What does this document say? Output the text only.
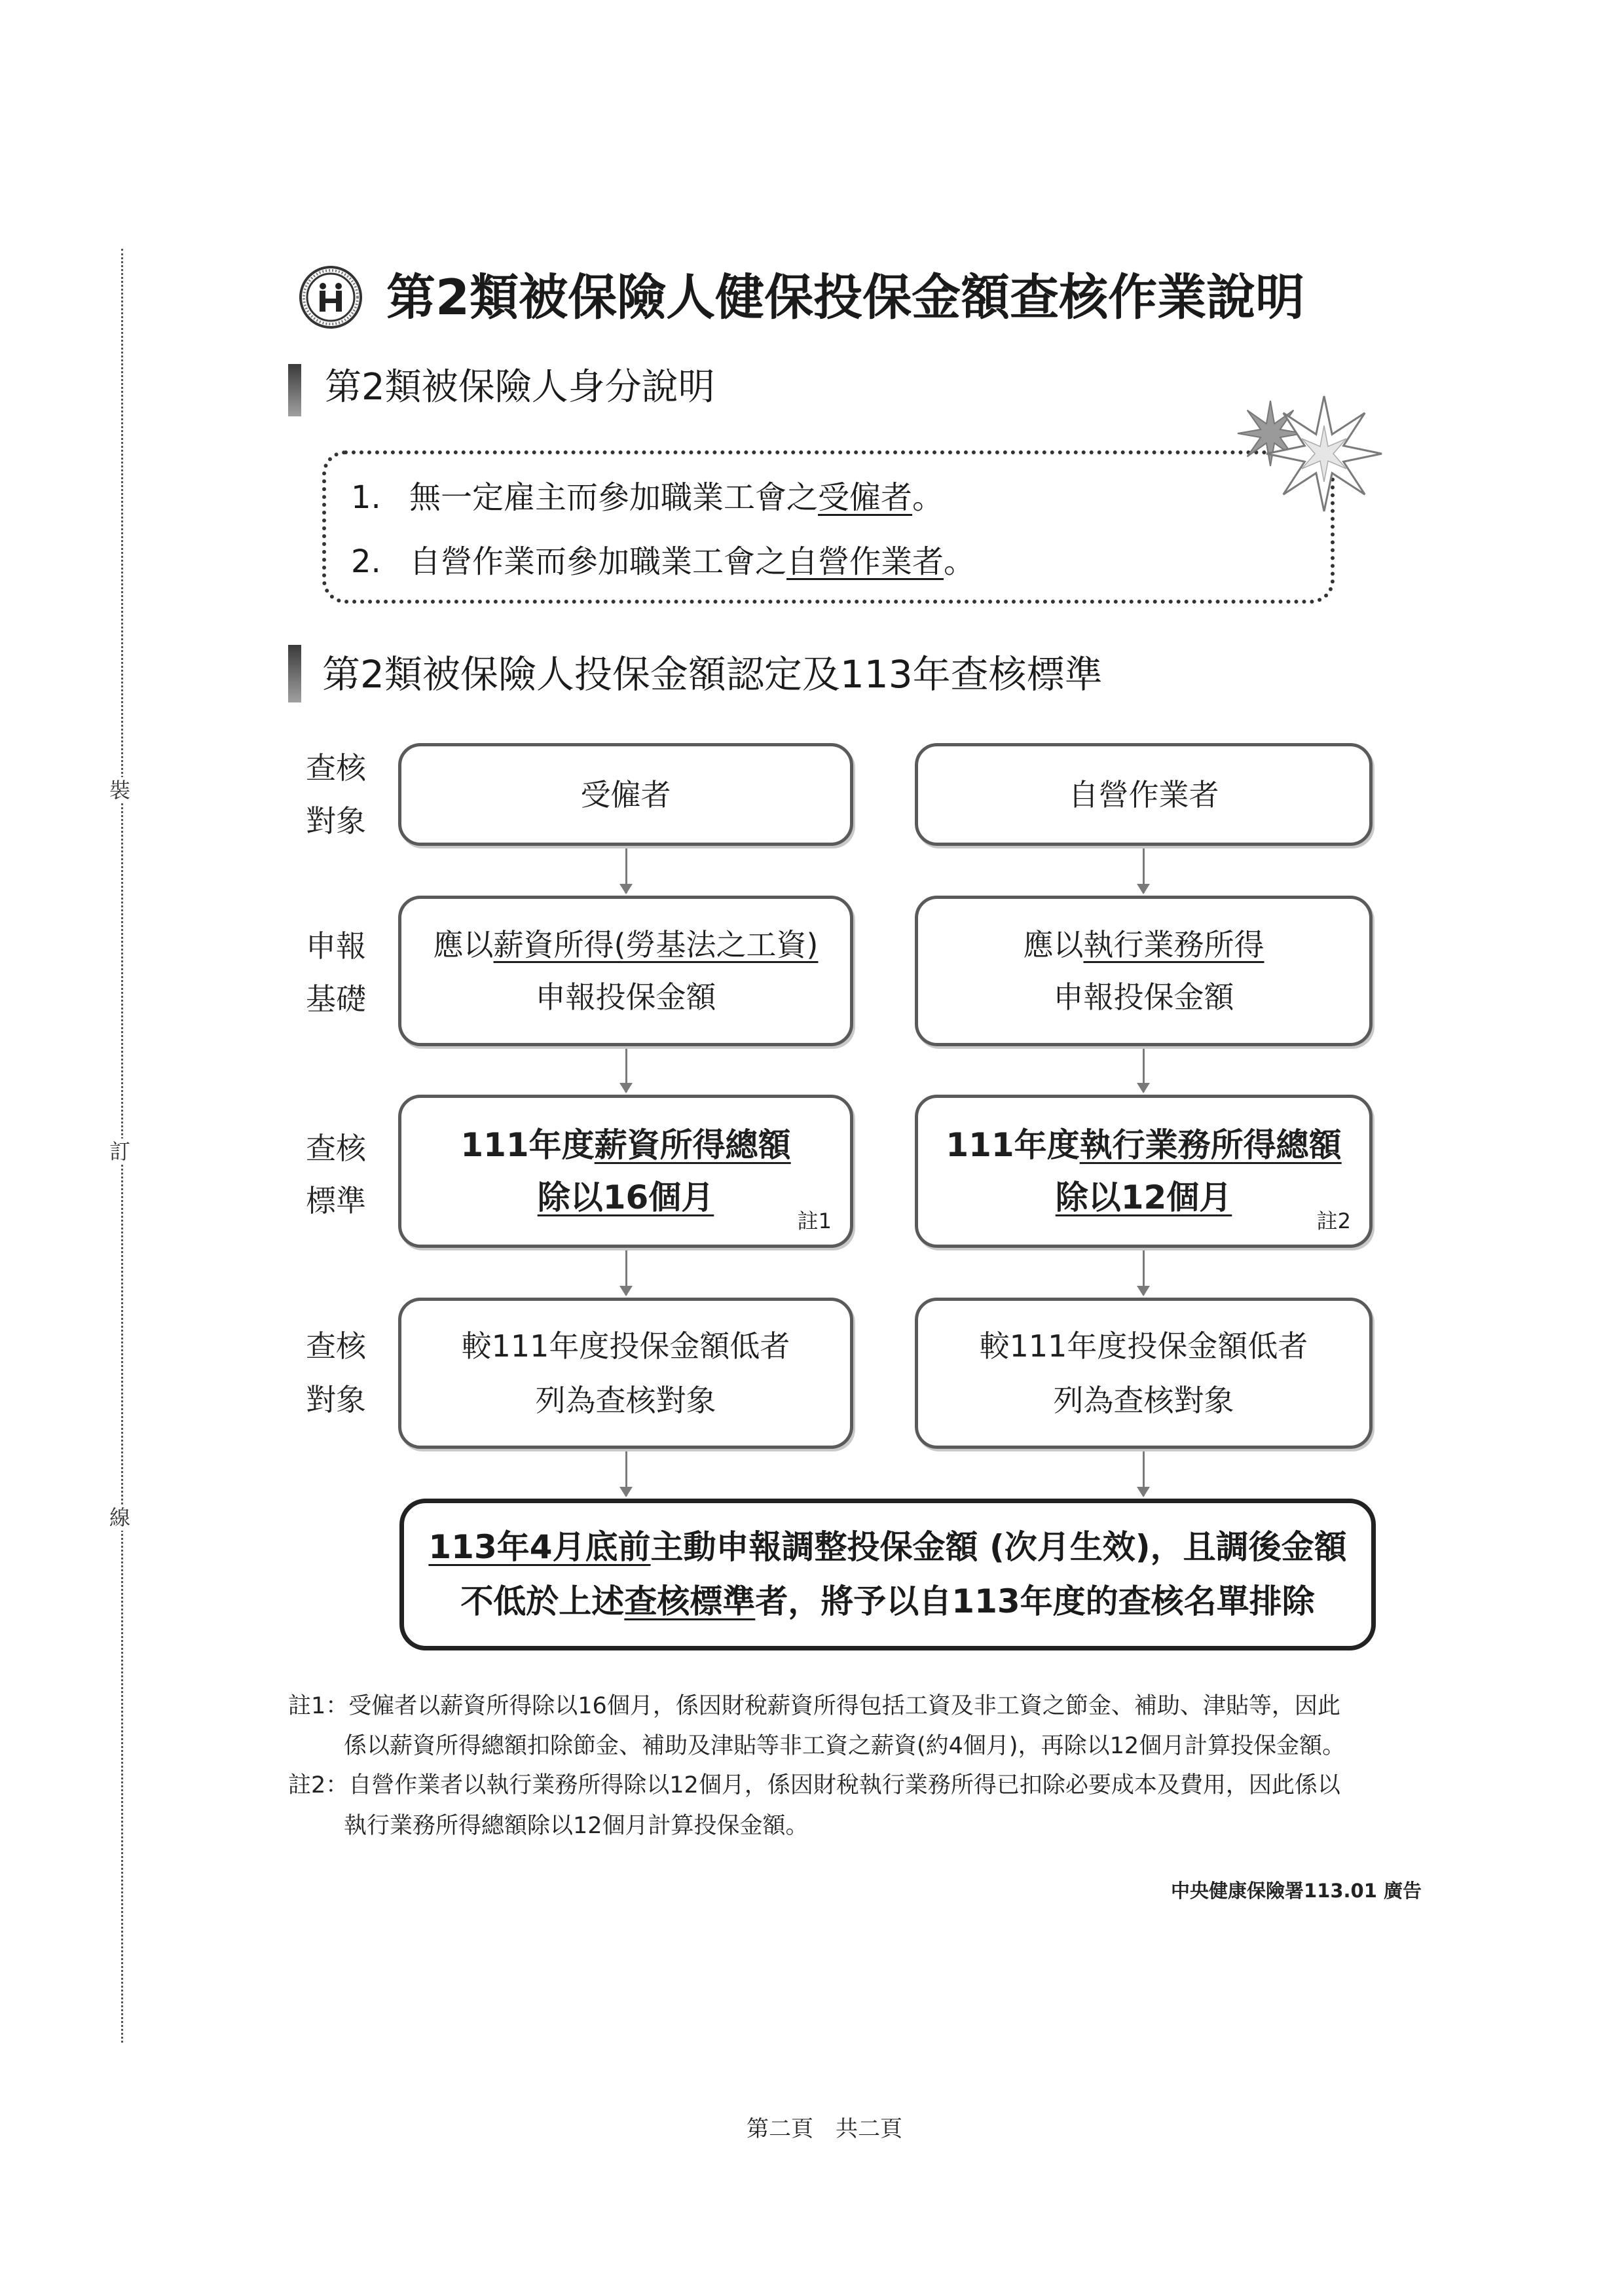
裝
訂
線
第2類被保險人健保投保金額查核作業說明
第2類被保險人身分說明
1. 無一定雇主而參加職業工會之受僱者。
2. 自營作業而參加職業工會之自營作業者。
第2類被保險人投保金額認定及113年查核標準
查核
對象
申報
基礎
查核
標準
查核
對象
受僱者	自營作業者
應以薪資所得(勞基法之工資)
申報投保金額
應以執行業務所得
申報投保金額
111年度薪資所得總額
除以16個月
註1
111年度執行業務所得總額
除以12個月
註2
較111年度投保金額低者
列為查核對象
較111年度投保金額低者
列為查核對象
113年4月底前主動申報調整投保金額 (次月生效)，且調後金額
不低於上述查核標準者，將予以自113年度的查核名單排除
註1：受僱者以薪資所得除以16個月，係因財稅薪資所得包括工資及非工資之節金、補助、津貼等，因此
係以薪資所得總額扣除節金、補助及津貼等非工資之薪資(約4個月)，再除以12個月計算投保金額。
註2：自營作業者以執行業務所得除以12個月，係因財稅執行業務所得已扣除必要成本及費用，因此係以
執行業務所得總額除以12個月計算投保金額。
中央健康保險署113.01 廣告
第二頁　共二頁
